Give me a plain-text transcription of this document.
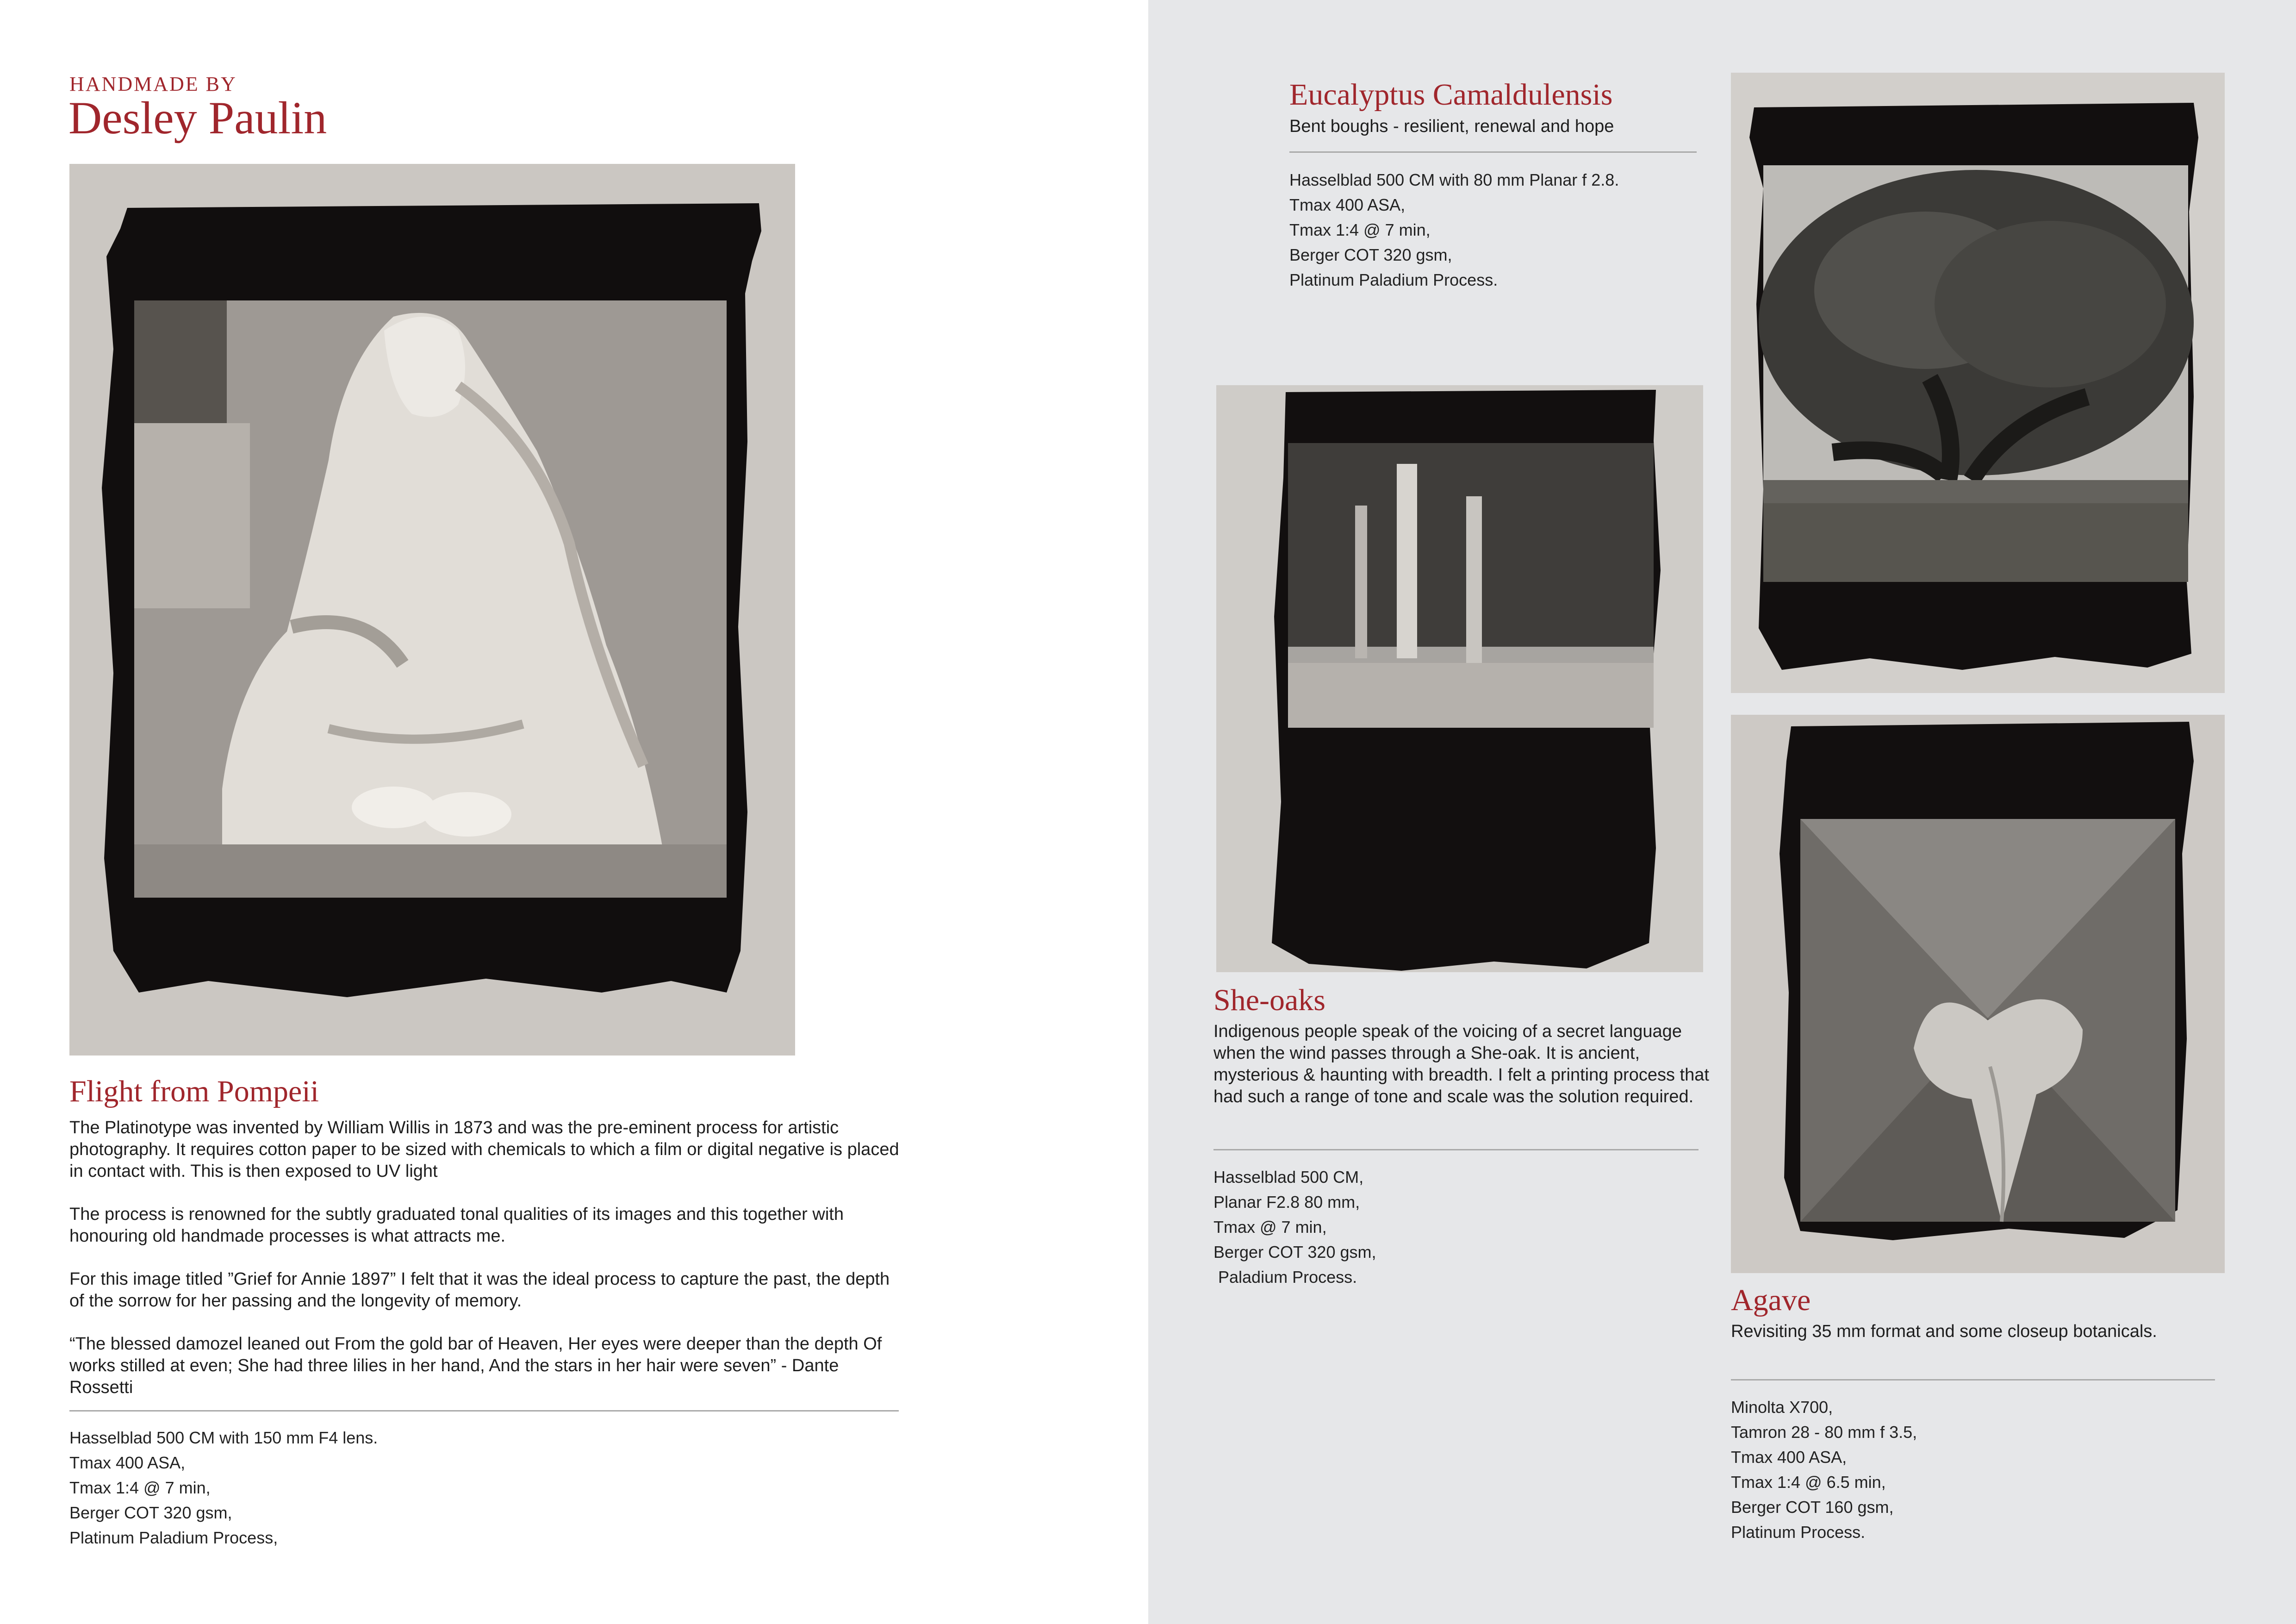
HANDMADE BY
Desley Paulin
Flight from Pompeii

The Platinotype was invented by William Willis in 1873 and was the pre-eminent process for artistic photography. It requires cotton paper to be sized with chemicals to which a film or digital negative is placed in contact with. This is then exposed to UV light

The process is renowned for the subtly graduated tonal qualities of its images and this together with honouring old handmade processes is what attracts me.

For this image titled ”Grief for Annie 1897” I felt that it was the ideal process to capture the past, the depth of the sorrow for her passing and the longevity of memory.

“The blessed damozel leaned out From the gold bar of Heaven, Her eyes were deeper than the depth Of works stilled at even; She had three lilies in her hand, And the stars in her hair were seven” - Dante Rossetti

Hasselblad 500 CM with 150 mm F4 lens.
Tmax 400 ASA,
Tmax 1:4 @ 7 min,
Berger COT 320 gsm,
Platinum Paladium Process,
Eucalyptus Camaldulensis
Bent boughs - resilient, renewal and hope
Hasselblad 500 CM with 80 mm Planar f 2.8.
Tmax 400 ASA,
Tmax 1:4 @ 7 min,
Berger COT 320 gsm,
Platinum Paladium Process.
She-oaks
Indigenous people speak of the voicing of a secret language when the wind passes through a She-oak. It is ancient, mysterious & haunting with breadth. I felt a printing process that had such a range of tone and scale was the solution required.
Hasselblad 500 CM,
Planar F2.8 80 mm,
Tmax @ 7 min,
Berger COT 320 gsm,
Paladium Process.
Agave
Revisiting 35 mm format and some closeup botanicals.
Minolta X700,
Tamron 28 - 80 mm f 3.5,
Tmax 400 ASA,
Tmax 1:4 @ 6.5 min,
Berger COT 160 gsm,
Platinum Process.
